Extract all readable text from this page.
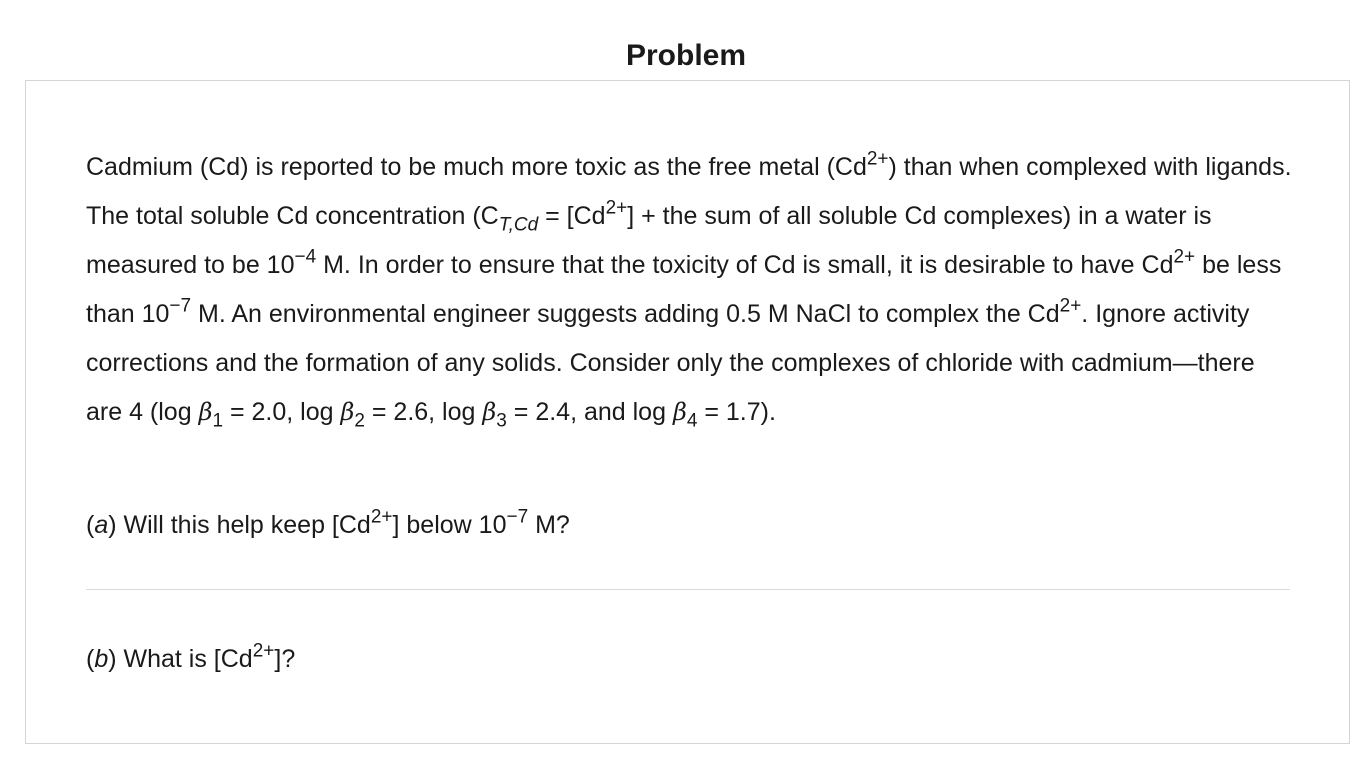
Problem

Cadmium (Cd) is reported to be much more toxic as the free metal $(Cd^{2+})$ than when complexed with ligands. The total soluble Cd concentration ($C_{T,Cd} = [Cd^{2+}]$ + the sum of all soluble Cd complexes) in a water is measured to be $10^{-4}$ M. In order to ensure that the toxicity of Cd is small, it is desirable to have $Cd^{2+}$ be less than $10^{-7}$ M. An environmental engineer suggests adding 0.5 M NaCl to complex the $Cd^{2+}$. Ignore activity corrections and the formation of any solids. Consider only the complexes of chloride with cadmium—there are 4 (log $\beta_1 = 2.0$, $\log \beta_2 = 2.6$, $\log \beta_3 = 2.4$, and $\log \beta_4 = 1.7$).

(a) Will this help keep $[Cd^{2+}]$ below $10^{-7}$ M?

(b) What is $[Cd^{2+}]$?
